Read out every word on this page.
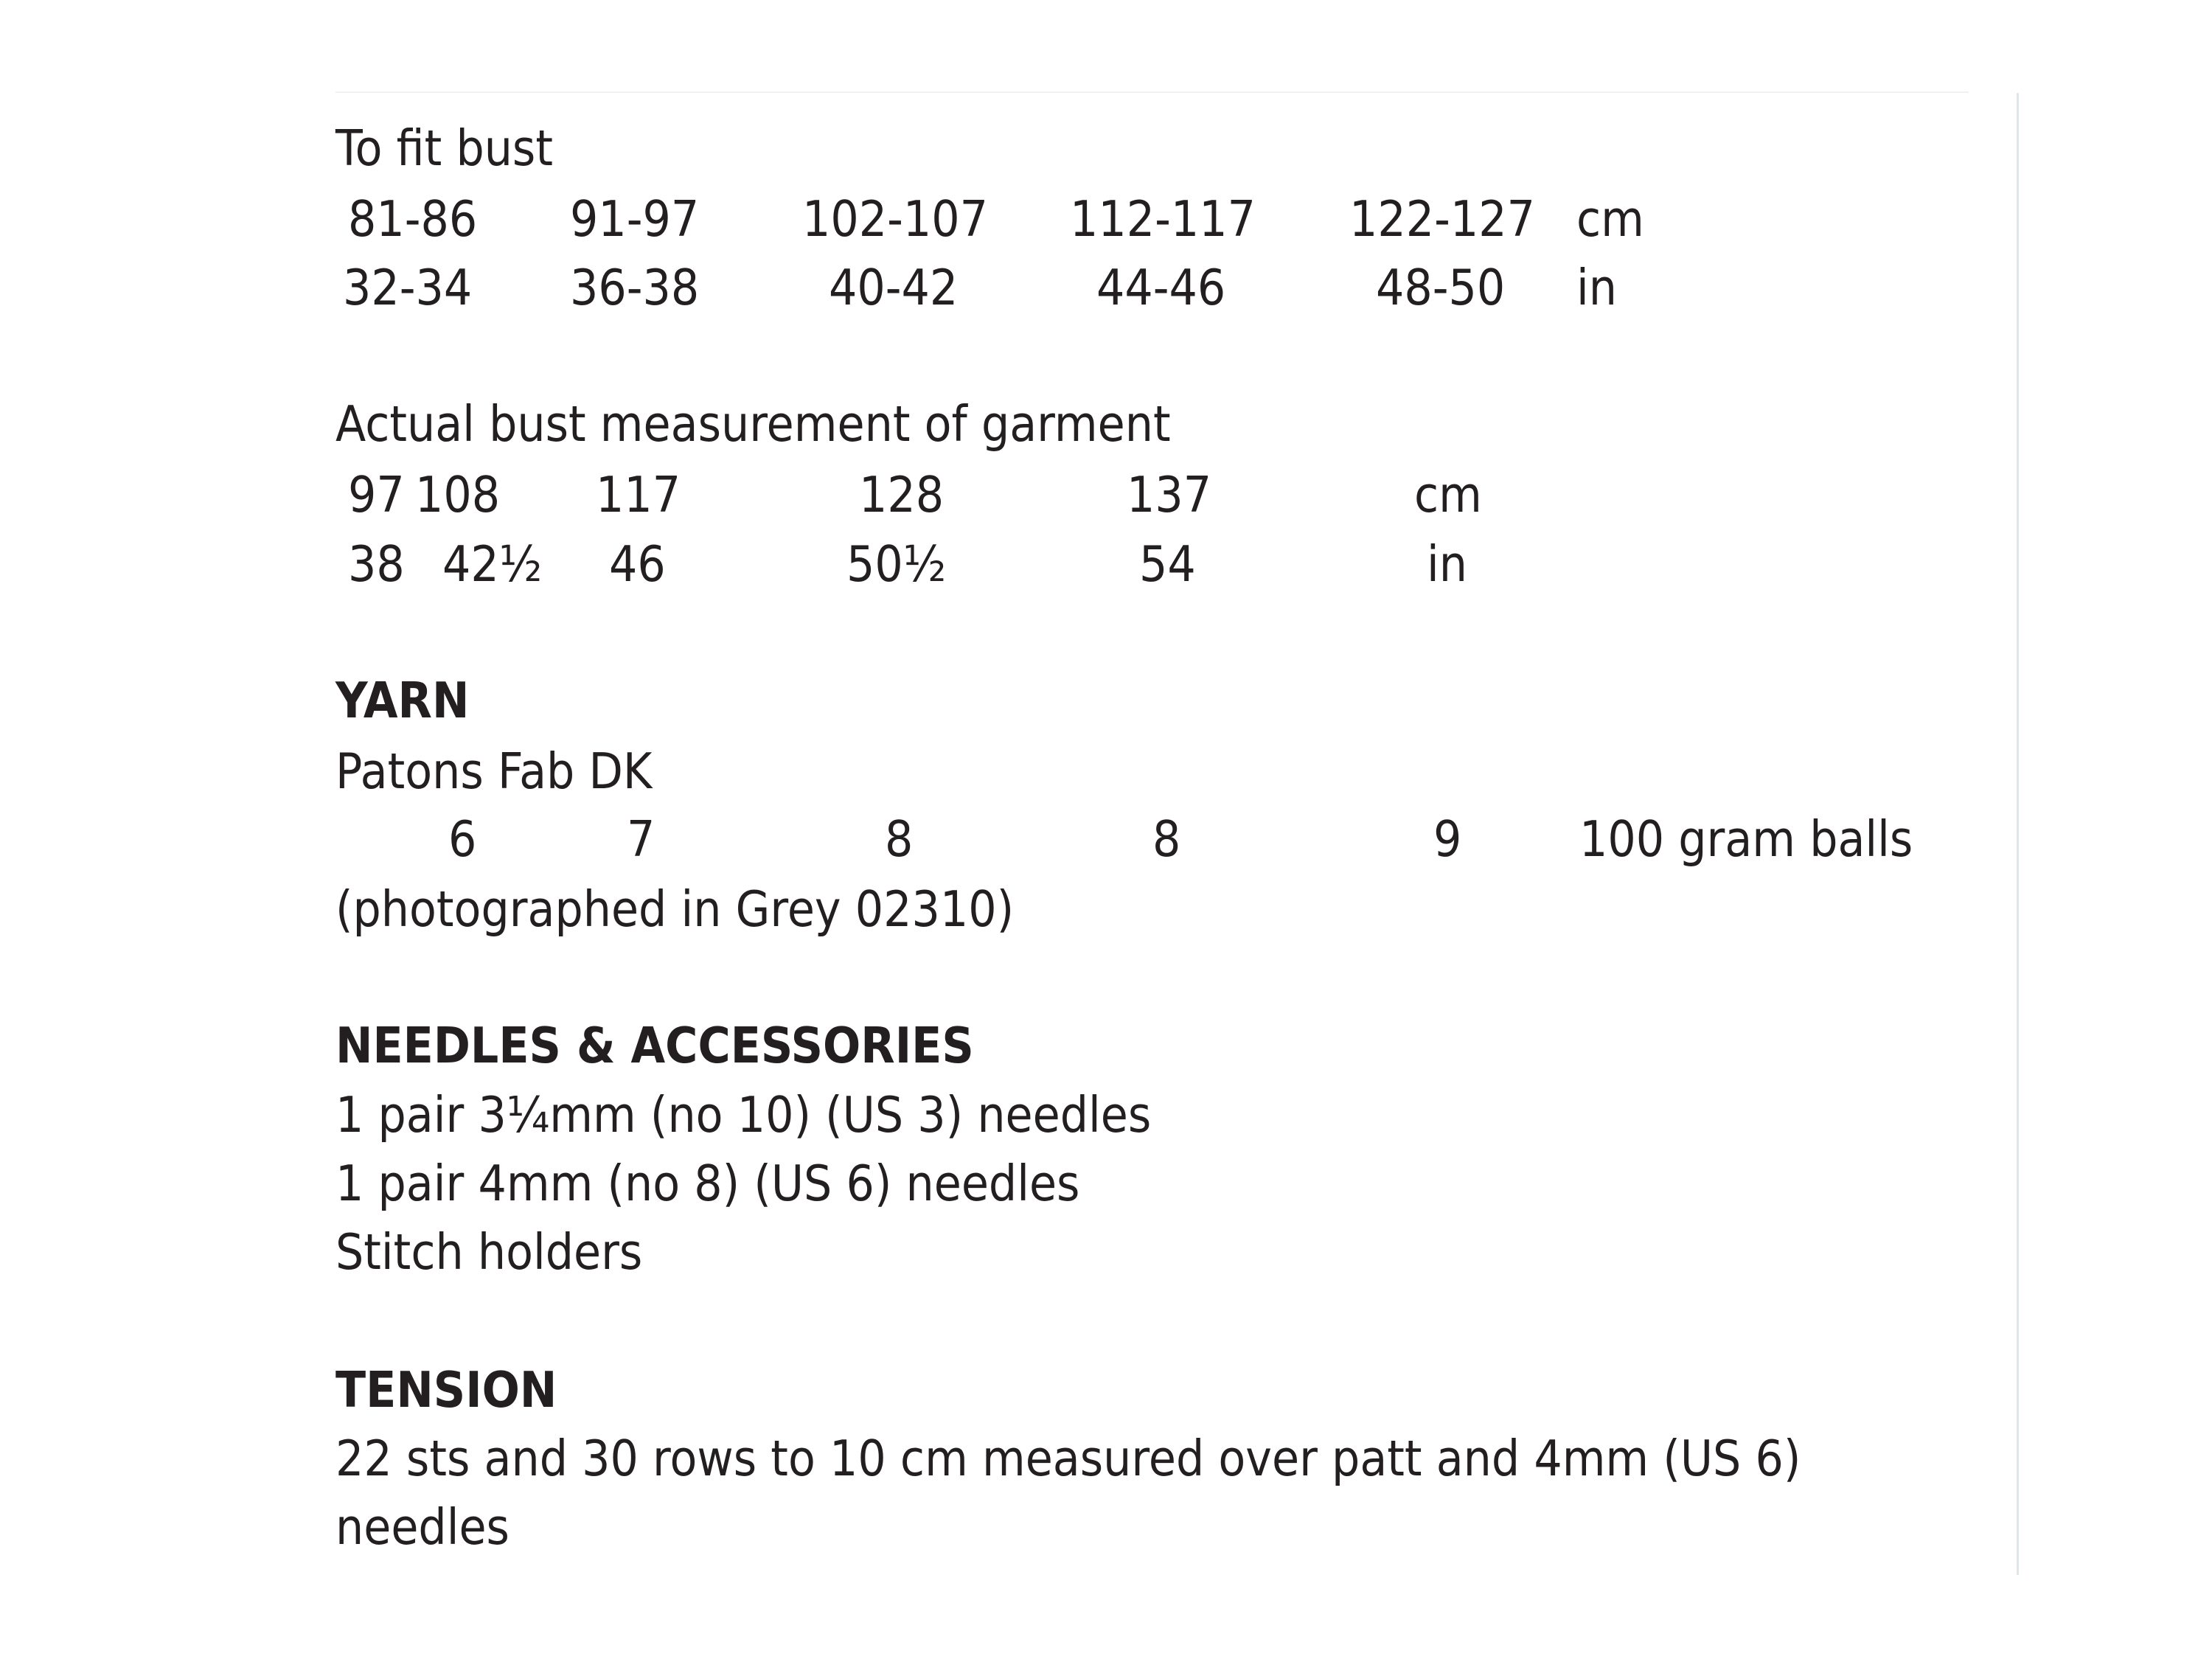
To fit bust
81-86 91-97 102-107 112-117 122-127 cm
32-34 36-38	40-42	44-46	48-50 in
Actual bust measurement of garment
97 108 117	128	137	cm
38 42½ 46	50½	54	in
YARN
Patons Fab DK
6	7	8	8	9 100 gram balls
(photographed in Grey 02310)
NEEDLES & ACCESSORIES
1 pair 3¼mm (no 10) (US 3) needles
1 pair 4mm (no 8) (US 6) needles
Stitch holders
TENSION
22 sts and 30 rows to 10 cm measured over patt and 4mm (US 6)
needles
